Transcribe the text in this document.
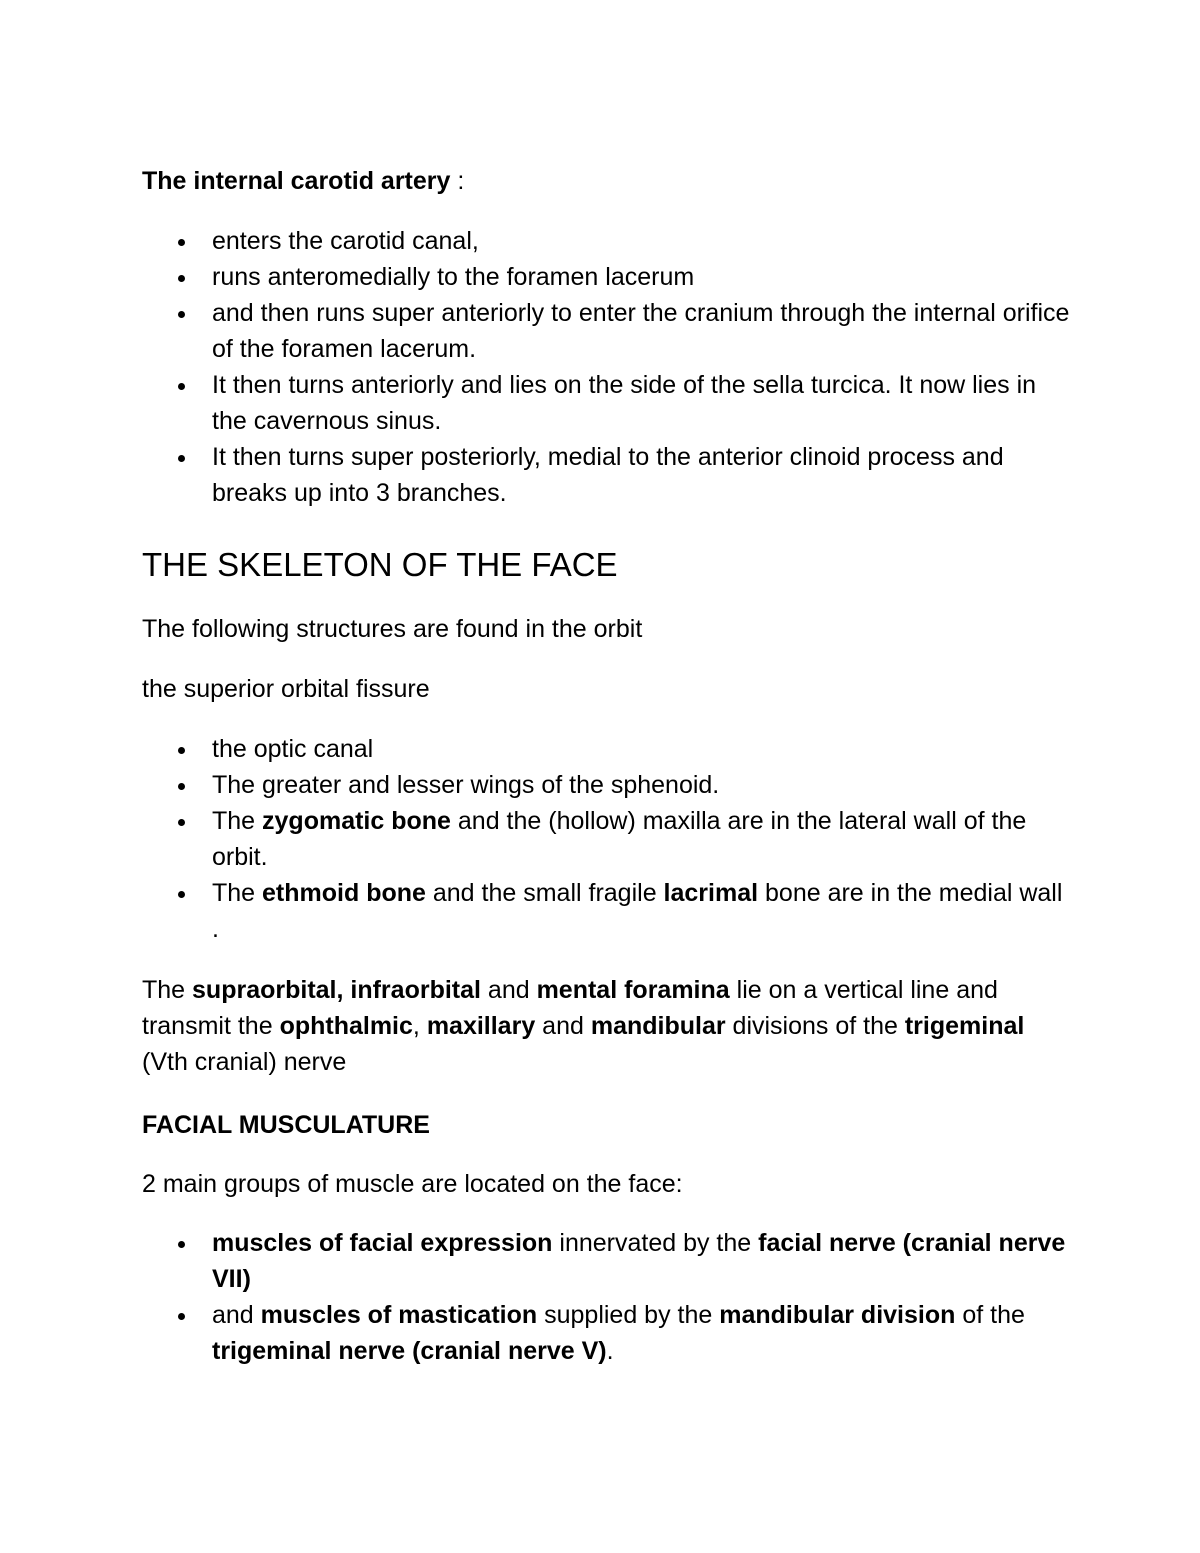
The internal carotid artery :

enters the carotid canal,
runs anteromedially to the foramen lacerum
and then runs super anteriorly to enter the cranium through the internal orifice of the foramen lacerum.
It then turns anteriorly and lies on the side of the sella turcica. It now lies in the cavernous sinus.
It then turns super posteriorly, medial to the anterior clinoid process and breaks up into 3 branches.
THE SKELETON OF THE FACE

The following structures are found in the orbit

the superior orbital fissure

the optic canal
The greater and lesser wings of the sphenoid.
The zygomatic bone and the (hollow) maxilla are in the lateral wall of the orbit.
The ethmoid bone and the small fragile lacrimal bone are in the medial wall .

The supraorbital, infraorbital and mental foramina lie on a vertical line and transmit the ophthalmic, maxillary and mandibular divisions of the trigeminal (Vth cranial) nerve

FACIAL MUSCULATURE

2 main groups of muscle are located on the face:

muscles of facial expression innervated by the facial nerve (cranial nerve VII)
and muscles of mastication supplied by the mandibular division of the trigeminal nerve (cranial nerve V).
